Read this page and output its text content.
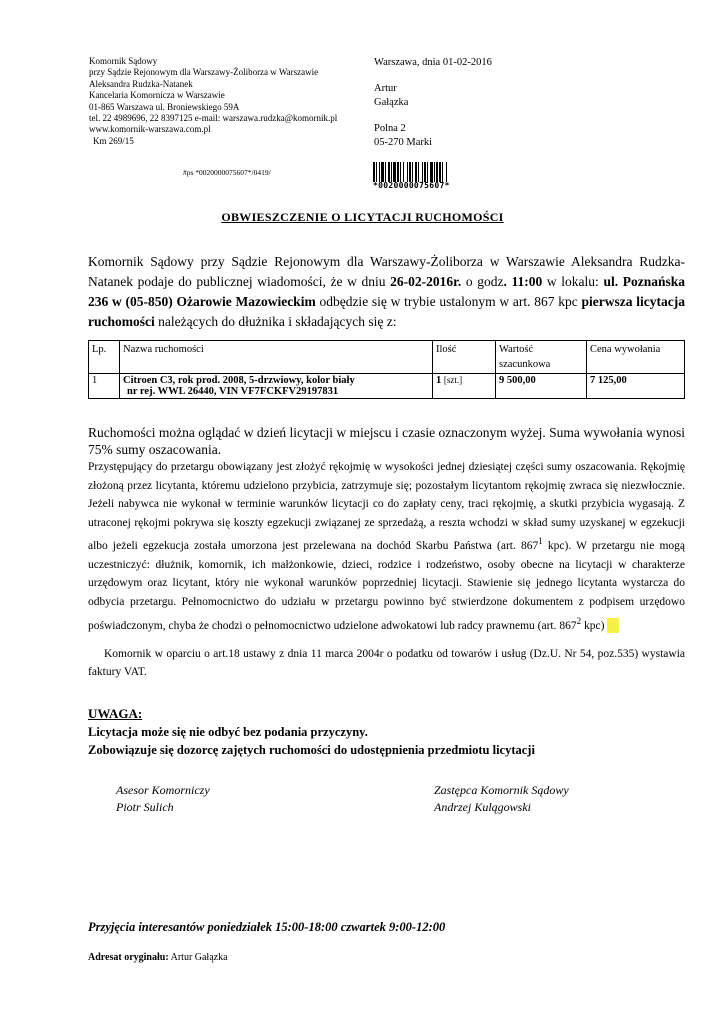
Komornik Sądowy
przy Sądzie Rejonowym dla Warszawy-Żoliborza w Warszawie
Aleksandra Rudzka-Natanek
Kancelaria Komornicza w Warszawie
01-865 Warszawa ul. Broniewskiego 59A
tel. 22 4989696, 22 8397125 e-mail: warszawa.rudzka@komornik.pl
www.komornik-warszawa.com.pl
Km 269/15
#ps *0020000075607*/0419/
Warszawa, dnia 01-02-2016
Artur
Gałązka
Polna 2
05-270 Marki
*0020000075607*
OBWIESZCZENIE O LICYTACJI RUCHOMOŚCI
Komornik Sądowy przy Sądzie Rejonowym dla Warszawy-Żoliborza w Warszawie Aleksandra Rudzka-Natanek podaje do publicznej wiadomości, że w dniu 26-02-2016r. o godz. 11:00 w lokalu: ul. Poznańska 236 w (05-850) Ożarowie Mazowieckim odbędzie się w trybie ustalonym w art. 867 kpc pierwsza licytacja ruchomości należących do dłużnika i składających się z:
Lp.	Nazwa ruchomości	Ilość	Wartość szacunkowa	Cena wywołania
1	Citroen C3, rok prod. 2008, 5-drzwiowy, kolor biały
nr rej. WWL 26440, VIN VF7FCKFV29197831	1 [szt.]	9 500,00	7 125,00
Ruchomości można oglądać w dzień licytacji w miejscu i czasie oznaczonym wyżej. Suma wywołania wynosi 75% sumy oszacowania.
Przystępujący do przetargu obowiązany jest złożyć rękojmię w wysokości jednej dziesiątej części sumy oszacowania. Rękojmię złożoną przez licytanta, któremu udzielono przybicia, zatrzymuje się; pozostałym licytantom rękojmię zwraca się niezwłocznie. Jeżeli nabywca nie wykonał w terminie warunków licytacji co do zapłaty ceny, traci rękojmię, a skutki przybicia wygasają. Z utraconej rękojmi pokrywa się koszty egzekucji związanej ze sprzedażą, a reszta wchodzi w skład sumy uzyskanej w egzekucji albo jeżeli egzekucja została umorzona jest przelewana na dochód Skarbu Państwa (art. $867^1$ kpc). W przetargu nie mogą uczestniczyć: dłużnik, komornik, ich małżonkowie, dzieci, rodzice i rodzeństwo, osoby obecne na licytacji w charakterze urzędowym oraz licytant, który nie wykonał warunków poprzedniej licytacji. Stawienie się jednego licytanta wystarcza do odbycia przetargu. Pełnomocnictwo do udziału w przetargu powinno być stwierdzone dokumentem z podpisem urzędowo poświadczonym, chyba że chodzi o pełnomocnictwo udzielone adwokatowi lub radcy prawnemu (art. $867^2$ kpc)
Komornik w oparciu o art.18 ustawy z dnia 11 marca 2004r o podatku od towarów i usług (Dz.U. Nr 54, poz.535) wystawia faktury VAT.
UWAGA:
Licytacja może się nie odbyć bez podania przyczyny.
Zobowiązuje się dozorcę zajętych ruchomości do udostępnienia przedmiotu licytacji
Asesor Komorniczy
Piotr Sulich
Zastępca Komornik Sądowy
Andrzej Kulągowski
Przyjęcia interesantów poniedziałek 15:00-18:00 czwartek 9:00-12:00
Adresat oryginału: Artur Gałązka
